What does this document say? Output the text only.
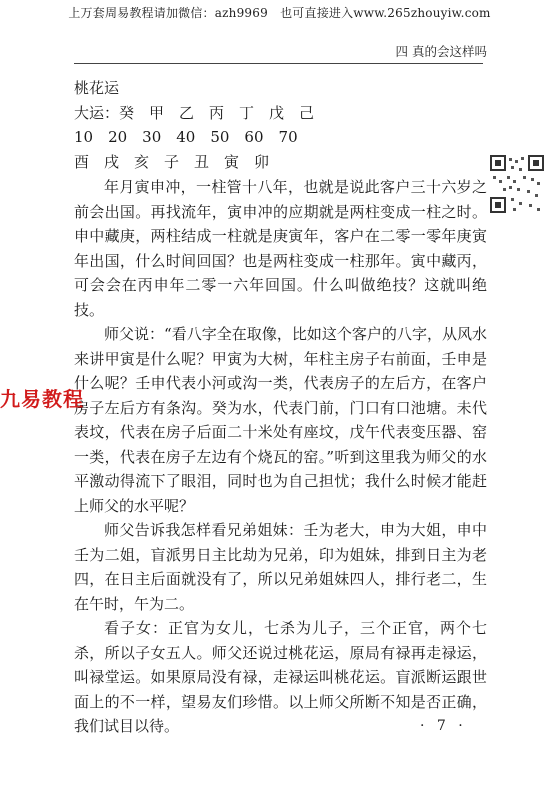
上万套周易教程请加微信：azh9969　也可直接进入www.265zhouyiw.com
四 真的会这样吗
桃花运
大运：癸　甲　乙　丙　丁　戊　己
10　20　30　40　50　60　70
酉　戌　亥　子　丑　寅　卯

年月寅申冲，一柱管十八年，也就是说此客户三十六岁之前会出国。再找流年，寅申冲的应期就是两柱变成一柱之时。申中藏庚，两柱结成一柱就是庚寅年，客户在二零一零年庚寅年出国，什么时间回国？也是两柱变成一柱那年。寅中藏丙，可会会在丙申年二零一六年回国。什么叫做绝技？这就叫绝技。

师父说：“看八字全在取像，比如这个客户的八字，从风水来讲甲寅是什么呢？甲寅为大树，年柱主房子右前面，壬申是什么呢？壬申代表小河或沟一类，代表房子的左后方，在客户房子左后方有条沟。癸为水，代表门前，门口有口池塘。未代表坟，代表在房子后面二十米处有座坟，戊午代表变压器、窑一类，代表在房子左边有个烧瓦的窑。”听到这里我为师父的水平激动得流下了眼泪，同时也为自己担忧；我什么时候才能赶上师父的水平呢？

师父告诉我怎样看兄弟姐妹：壬为老大，申为大姐，申中壬为二姐，盲派男日主比劫为兄弟，印为姐妹，排到日主为老四，在日主后面就没有了，所以兄弟姐妹四人，排行老二，生在午时，午为二。

看子女：正官为女儿，七杀为儿子，三个正官，两个七杀，所以子女五人。师父还说过桃花运，原局有禄再走禄运，叫禄堂运。如果原局没有禄，走禄运叫桃花运。盲派断运跟世面上的不一样，望易友们珍惜。以上师父所断不知是否正确，我们试目以待。

九易教程
· 7 ·
